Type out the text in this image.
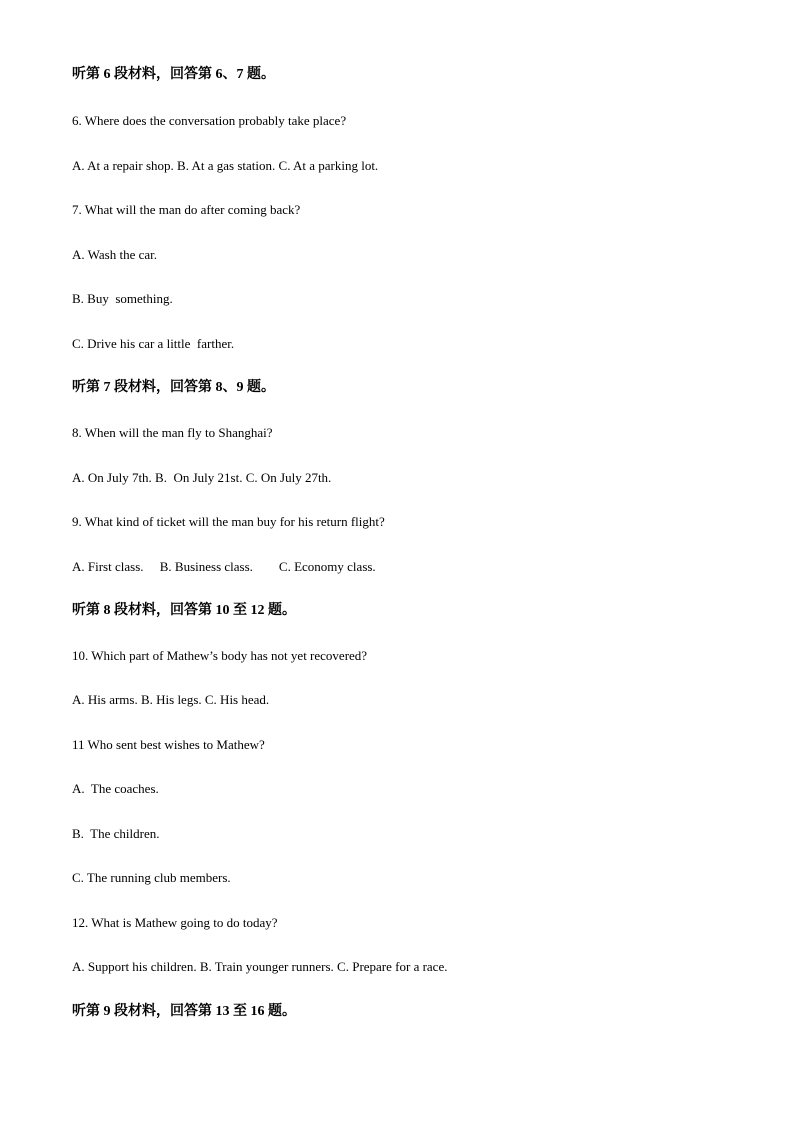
听第 6 段材料，回答第 6、7 题。
6. Where does the conversation probably take place?
A. At a repair shop. B. At a gas station. C. At a parking lot.
7. What will the man do after coming back?
A. Wash the car.
B. Buy  something.
C. Drive his car a little  farther.
听第 7 段材料，回答第 8、9 题。
8. When will the man fly to Shanghai?
A. On July 7th. B.  On July 21st. C. On July 27th.
9. What kind of ticket will the man buy for his return flight?
A. First class.     B. Business class.        C. Economy class.
听第 8 段材料，回答第 10 至 12 题。
10. Which part of Mathew’s body has not yet recovered?
A. His arms. B. His legs. C. His head.
11 Who sent best wishes to Mathew?
A.  The coaches.
B.  The children.
C. The running club members.
12. What is Mathew going to do today?
A. Support his children. B. Train younger runners. C. Prepare for a race.
听第 9 段材料，回答第 13 至 16 题。
